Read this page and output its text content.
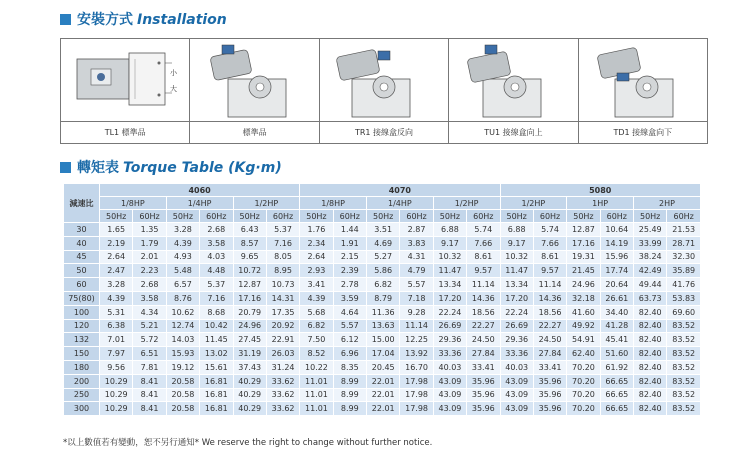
安裝方式 Installation
小
大
TL1 標準品	標準品	TR1 接線盒反向	TU1 接線盒向上	TD1 接線盒向下
轉矩表 Torque Table (Kg·m)
減速比	4060						4070						5080					
	1/8HP		1/4HP		1/2HP		1/8HP		1/4HP		1/2HP		1/2HP		1HP		2HP	
	50Hz	60Hz	50Hz	60Hz	50Hz	60Hz	50Hz	60Hz	50Hz	60Hz	50Hz	60Hz	50Hz	60Hz	50Hz	60Hz	50Hz	60Hz
30	1.65	1.35	3.28	2.68	6.43	5.37	1.76	1.44	3.51	2.87	6.88	5.74	6.88	5.74	12.87	10.64	25.49	21.53
40	2.19	1.79	4.39	3.58	8.57	7.16	2.34	1.91	4.69	3.83	9.17	7.66	9.17	7.66	17.16	14.19	33.99	28.71
45	2.64	2.01	4.93	4.03	9.65	8.05	2.64	2.15	5.27	4.31	10.32	8.61	10.32	8.61	19.31	15.96	38.24	32.30
50	2.47	2.23	5.48	4.48	10.72	8.95	2.93	2.39	5.86	4.79	11.47	9.57	11.47	9.57	21.45	17.74	42.49	35.89
60	3.28	2.68	6.57	5.37	12.87	10.73	3.41	2.78	6.82	5.57	13.34	11.14	13.34	11.14	24.96	20.64	49.44	41.76
75(80)	4.39	3.58	8.76	7.16	17.16	14.31	4.39	3.59	8.79	7.18	17.20	14.36	17.20	14.36	32.18	26.61	63.73	53.83
100	5.31	4.34	10.62	8.68	20.79	17.35	5.68	4.64	11.36	9.28	22.24	18.56	22.24	18.56	41.60	34.40	82.40	69.60
120	6.38	5.21	12.74	10.42	24.96	20.92	6.82	5.57	13.63	11.14	26.69	22.27	26.69	22.27	49.92	41.28	82.40	83.52
132	7.01	5.72	14.03	11.45	27.45	22.91	7.50	6.12	15.00	12.25	29.36	24.50	29.36	24.50	54.91	45.41	82.40	83.52
150	7.97	6.51	15.93	13.02	31.19	26.03	8.52	6.96	17.04	13.92	33.36	27.84	33.36	27.84	62.40	51.60	82.40	83.52
180	9.56	7.81	19.12	15.61	37.43	31.24	10.22	8.35	20.45	16.70	40.03	33.41	40.03	33.41	70.20	61.92	82.40	83.52
200	10.29	8.41	20.58	16.81	40.29	33.62	11.01	8.99	22.01	17.98	43.09	35.96	43.09	35.96	70.20	66.65	82.40	83.52
250	10.29	8.41	20.58	16.81	40.29	33.62	11.01	8.99	22.01	17.98	43.09	35.96	43.09	35.96	70.20	66.65	82.40	83.52
300	10.29	8.41	20.58	16.81	40.29	33.62	11.01	8.99	22.01	17.98	43.09	35.96	43.09	35.96	70.20	66.65	82.40	83.52
*以上數值若有變動，恕不另行通知* We reserve the right to change without further notice.
